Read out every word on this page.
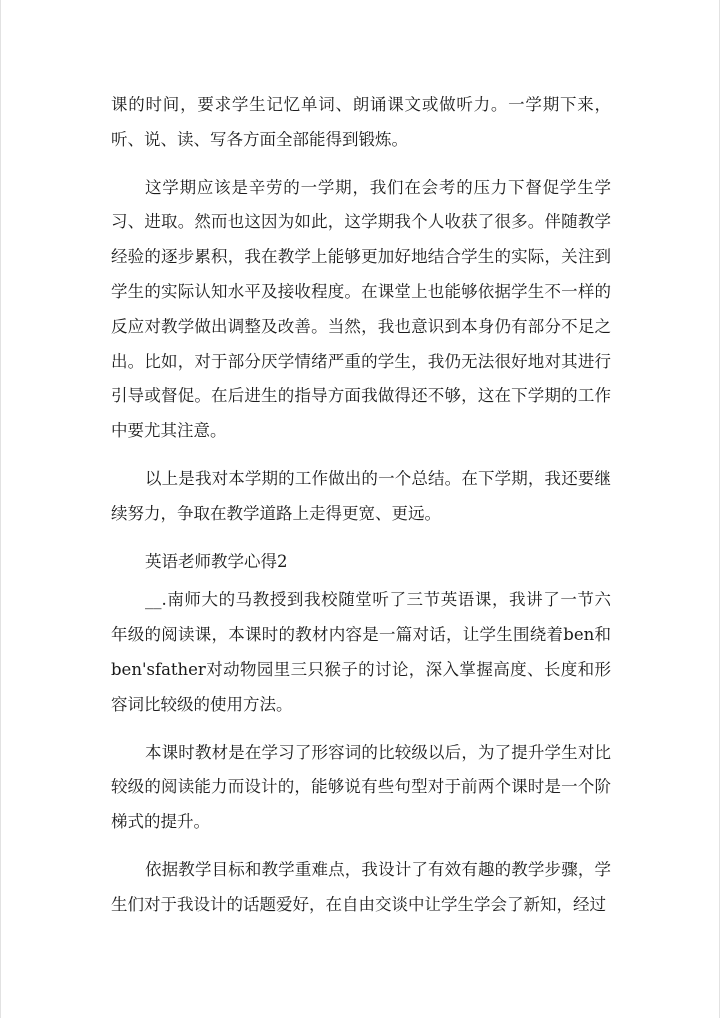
课的时间，要求学生记忆单词、朗诵课文或做听力。一学期下来，听、说、读、写各方面全部能得到锻炼。

这学期应该是辛劳的一学期，我们在会考的压力下督促学生学习、进取。然而也这因为如此，这学期我个人收获了很多。伴随教学经验的逐步累积，我在教学上能够更加好地结合学生的实际，关注到学生的实际认知水平及接收程度。在课堂上也能够依据学生不一样的反应对教学做出调整及改善。当然，我也意识到本身仍有部分不足之出。比如，对于部分厌学情绪严重的学生，我仍无法很好地对其进行引导或督促。在后进生的指导方面我做得还不够，这在下学期的工作中要尤其注意。

以上是我对本学期的工作做出的一个总结。在下学期，我还要继续努力，争取在教学道路上走得更宽、更远。

英语老师教学心得2

__.南师大的马教授到我校随堂听了三节英语课，我讲了一节六年级的阅读课，本课时的教材内容是一篇对话，让学生围绕着ben和ben'sfather对动物园里三只猴子的讨论，深入掌握高度、长度和形容词比较级的使用方法。

本课时教材是在学习了形容词的比较级以后，为了提升学生对比较级的阅读能力而设计的，能够说有些句型对于前两个课时是一个阶梯式的提升。

依据教学目标和教学重难点，我设计了有效有趣的教学步骤，学生们对于我设计的话题爱好，在自由交谈中让学生学会了新知，经过
